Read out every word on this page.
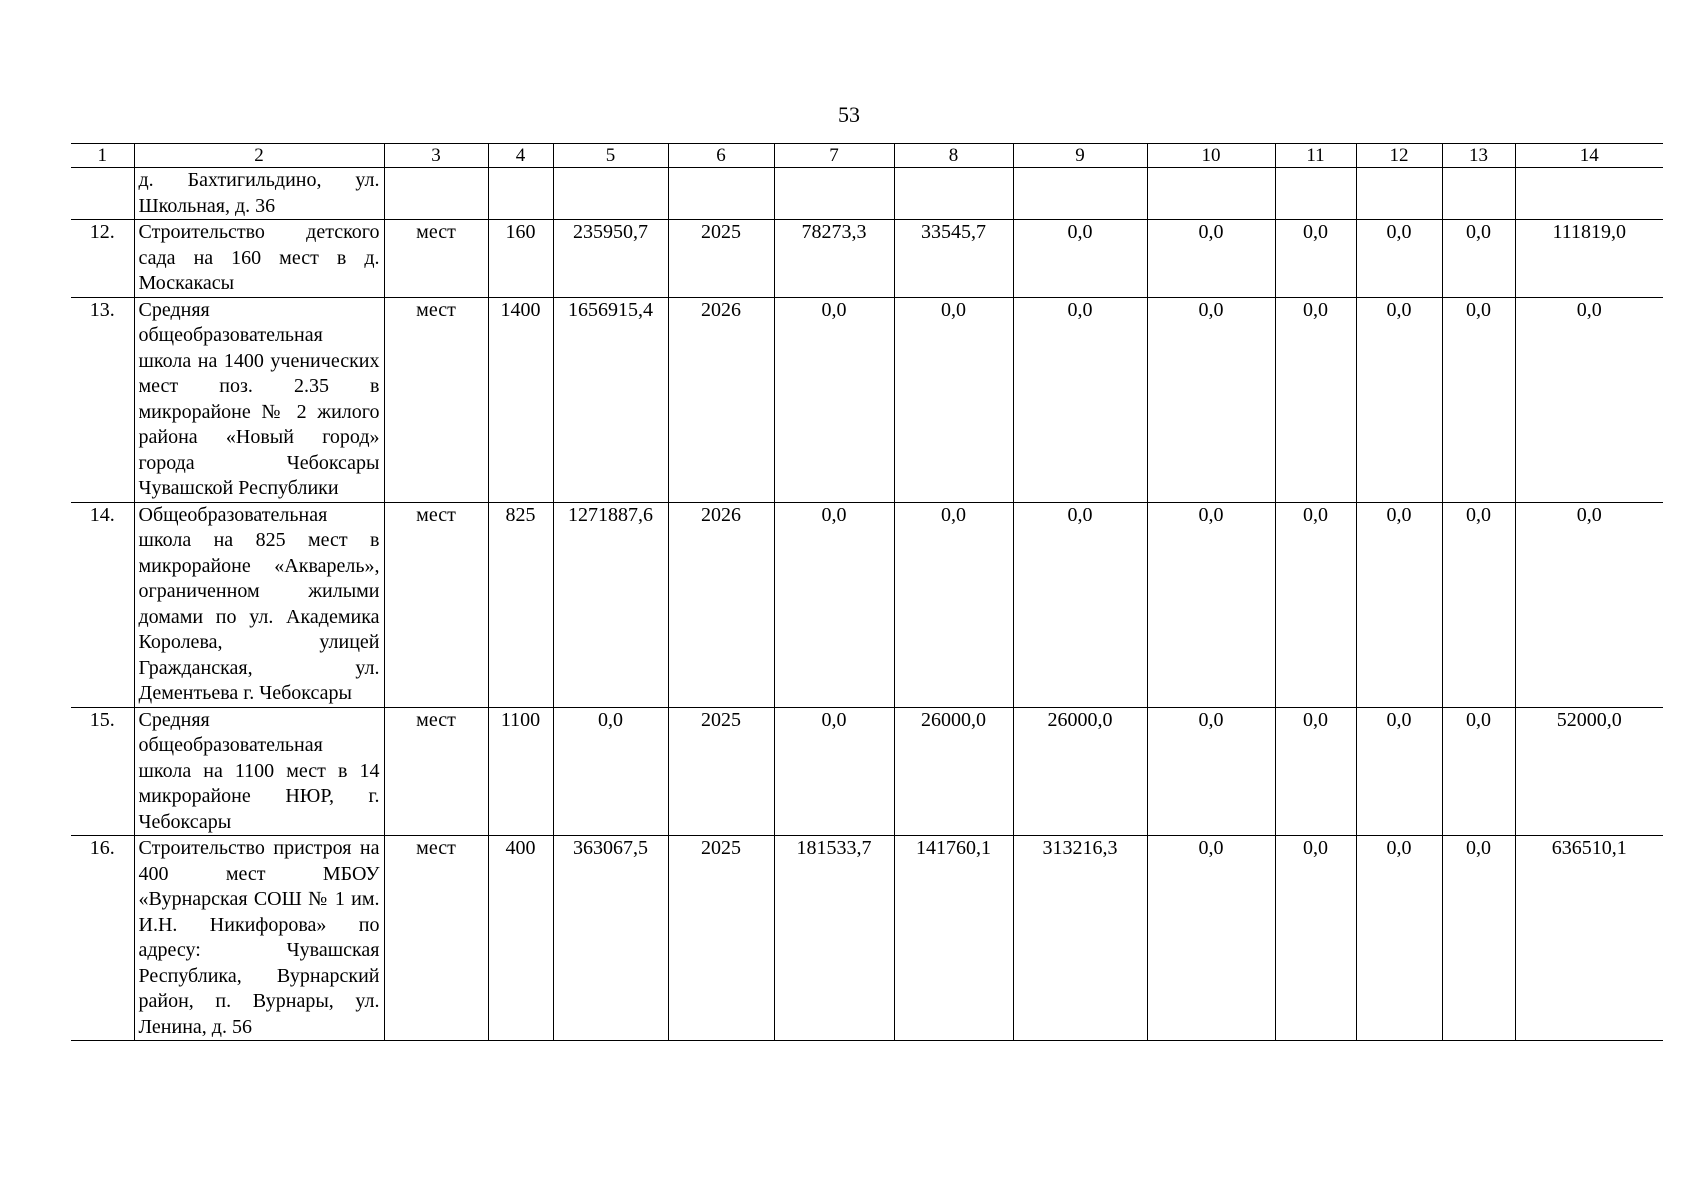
53
1	2	3	4	5	6	7	8	9	10	11	12	13	14
	д. Бахтигильдино, ул. Школьная, д. 36												
12.	Строительство детского сада на 160 мест в д. Москакасы	мест	160	235950,7	2025	78273,3	33545,7	0,0	0,0	0,0	0,0	0,0	111819,0
13.	Средняя общеобразовательная школа на 1400 ученических мест поз. 2.35 в микрорайоне № 2 жилого района «Новый город» города Чебоксары Чувашской Республики	мест	1400	1656915,4	2026	0,0	0,0	0,0	0,0	0,0	0,0	0,0	0,0
14.	Общеобразовательная школа на 825 мест в микрорайоне «Акварель», ограниченном жилыми домами по ул. Академика Королева, улицей Гражданская, ул. Дементьева г. Чебоксары	мест	825	1271887,6	2026	0,0	0,0	0,0	0,0	0,0	0,0	0,0	0,0
15.	Средняя общеобразовательная школа на 1100 мест в 14 микрорайоне НЮР, г. Чебоксары	мест	1100	0,0	2025	0,0	26000,0	26000,0	0,0	0,0	0,0	0,0	52000,0
16.	Строительство пристроя на 400 мест МБОУ «Вурнарская СОШ № 1 им. И.Н. Никифорова» по адресу: Чувашская Республика, Вурнарский район, п. Вурнары, ул. Ленина, д. 56	мест	400	363067,5	2025	181533,7	141760,1	313216,3	0,0	0,0	0,0	0,0	636510,1
